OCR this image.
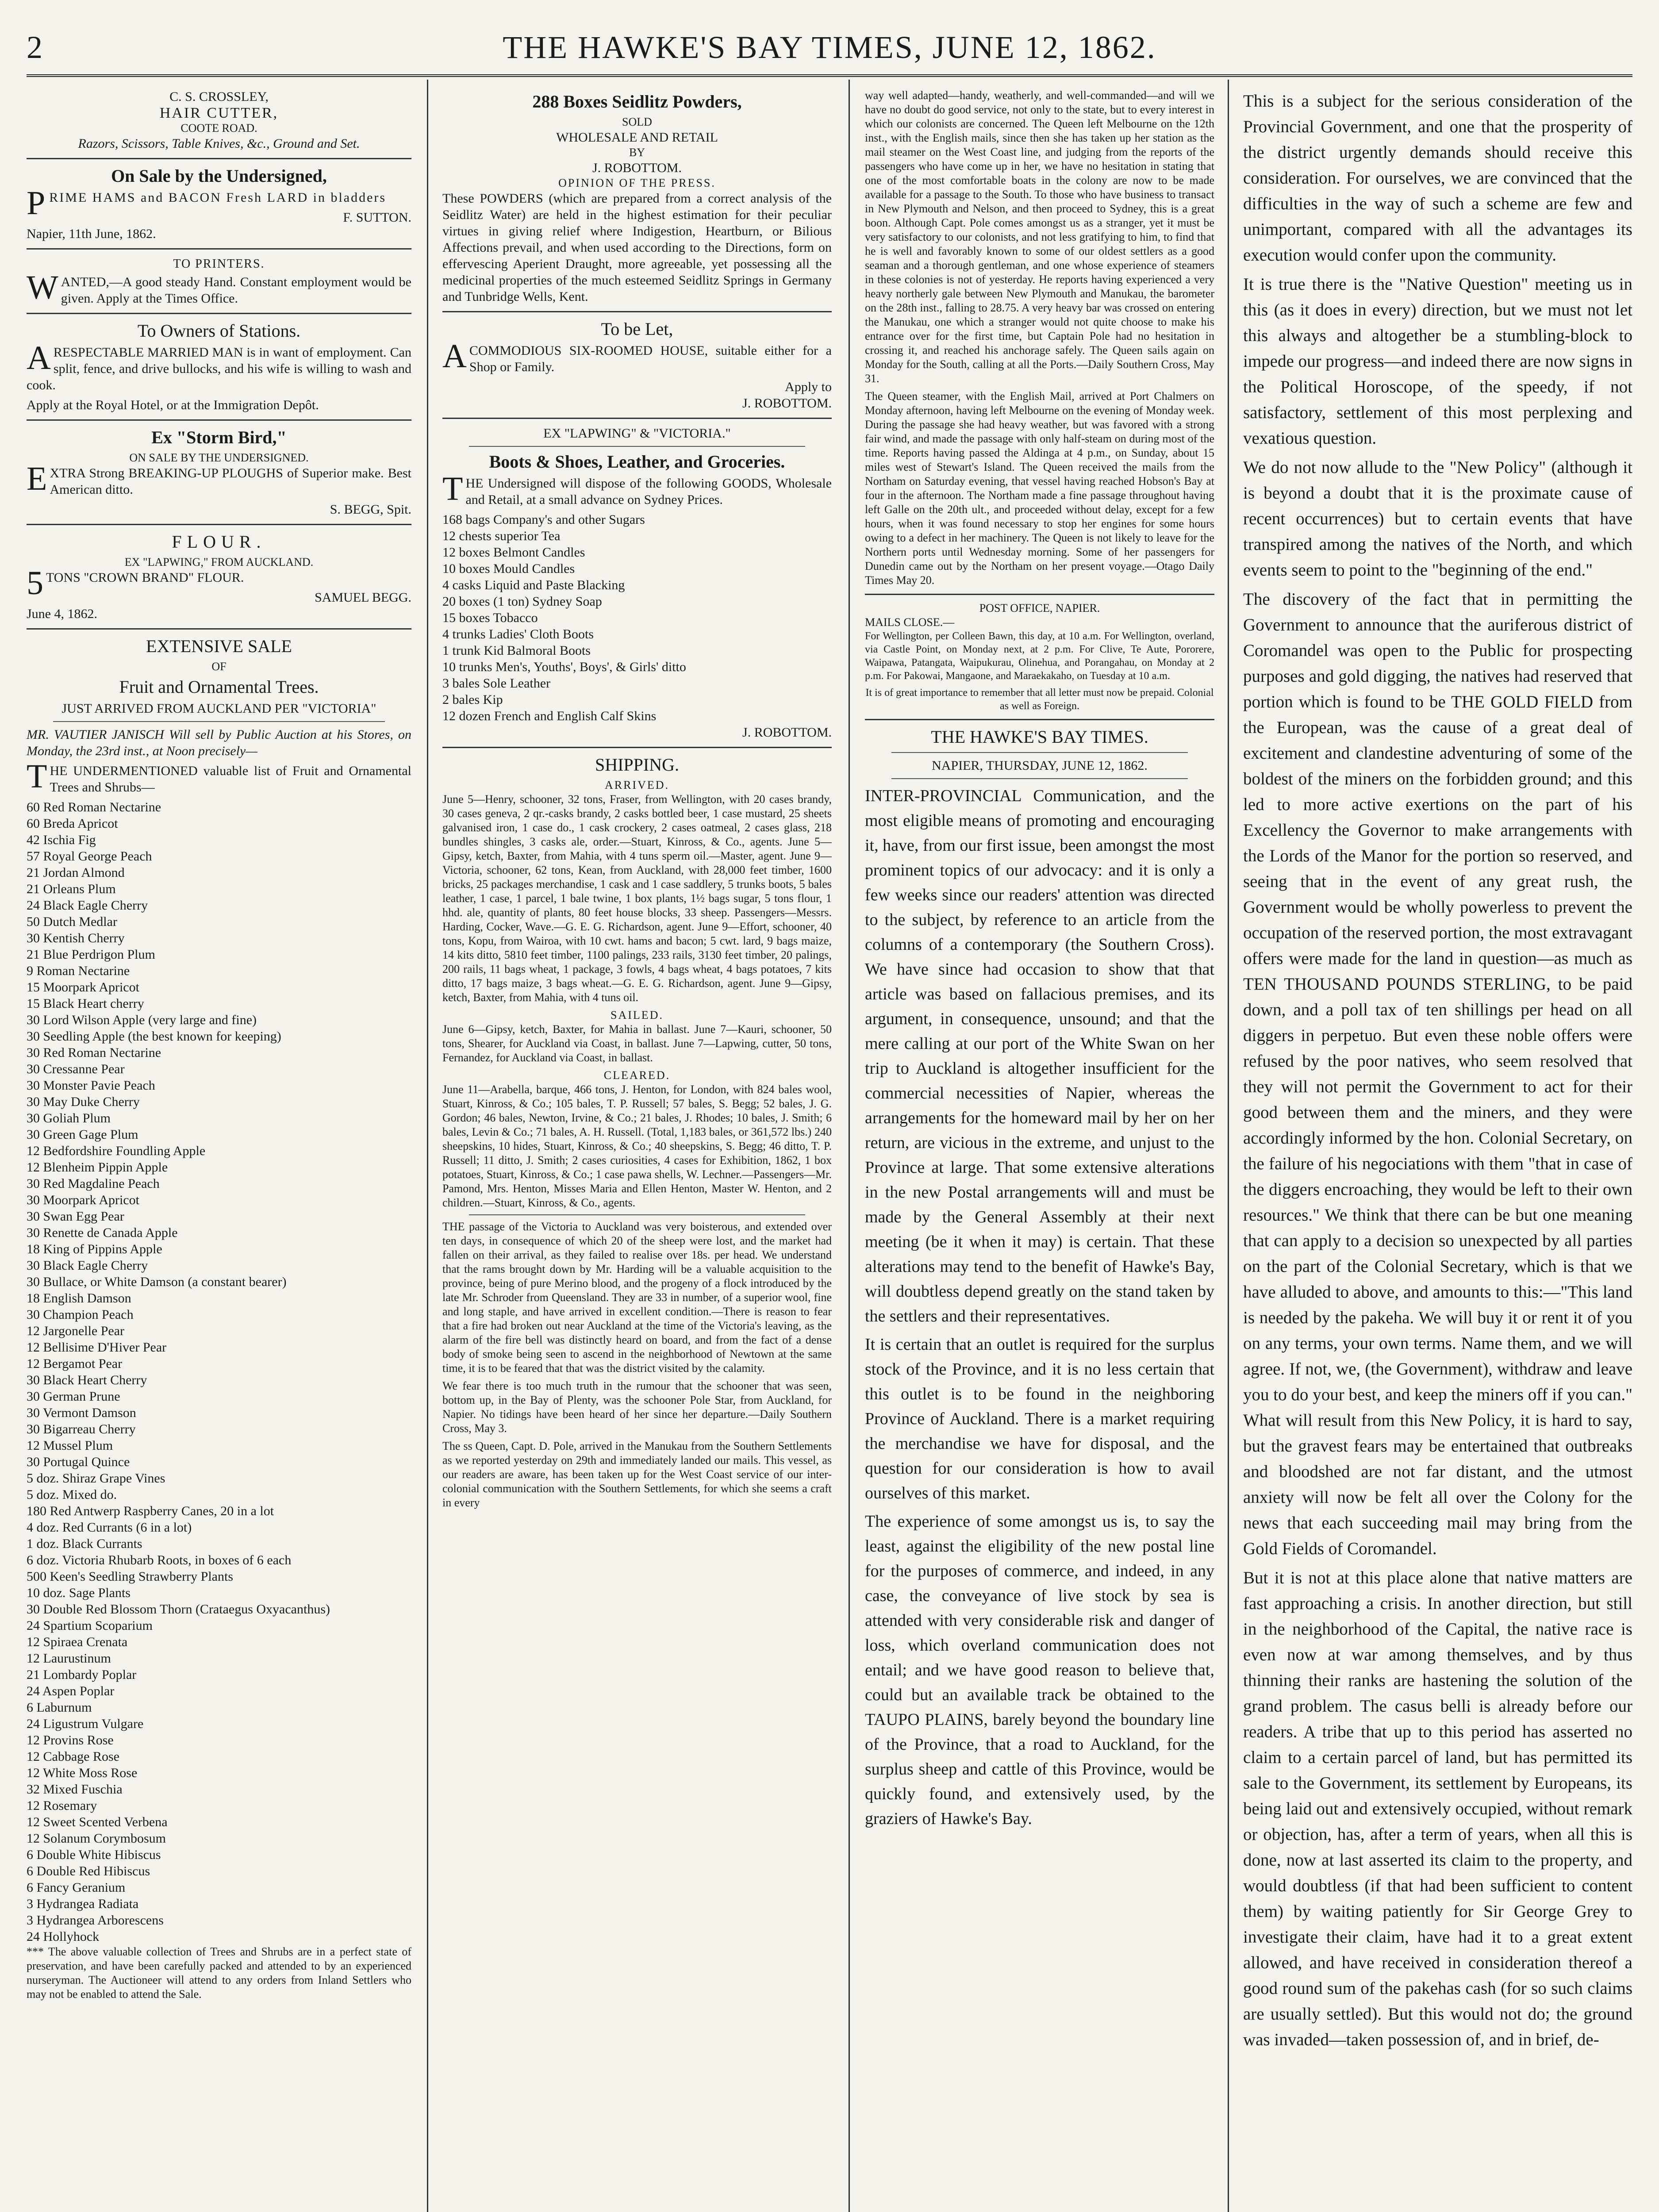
2	THE HAWKE'S BAY TIMES, JUNE 12, 1862.
C. S. CROSSLEY,
HAIR CUTTER,
COOTE ROAD.
Razors, Scissors, Table Knives, &c., Ground and Set.
On Sale by the Undersigned,

PRIME HAMS and BACON Fresh LARD in bladders

F. SUTTON.
Napier, 11th June, 1862.
TO PRINTERS.

WANTED,—A good steady Hand. Constant employment would be given. Apply at the Times Office.

To Owners of Stations.

ARESPECTABLE MARRIED MAN is in want of employment. Can split, fence, and drive bullocks, and his wife is willing to wash and cook.

Apply at the Royal Hotel, or at the Immigration Depôt.

Ex "Storm Bird,"
ON SALE BY THE UNDERSIGNED.

EXTRA Strong BREAKING-UP PLOUGHS of Superior make. Best American ditto.

S. BEGG, Spit.
FLOUR.
EX "LAPWING," FROM AUCKLAND.

5TONS "CROWN BRAND" FLOUR.

SAMUEL BEGG.
June 4, 1862.
EXTENSIVE SALE
OF
Fruit and Ornamental Trees.
JUST ARRIVED FROM AUCKLAND PER "VICTORIA"

MR. VAUTIER JANISCH Will sell by Public Auction at his Stores, on Monday, the 23rd inst., at Noon precisely—

THE UNDERMENTIONED valuable list of Fruit and Ornamental Trees and Shrubs—

60 Red Roman Nectarine
60 Breda Apricot
42 Ischia Fig
57 Royal George Peach
21 Jordan Almond
21 Orleans Plum
24 Black Eagle Cherry
50 Dutch Medlar
30 Kentish Cherry
21 Blue Perdrigon Plum
9 Roman Nectarine
15 Moorpark Apricot
15 Black Heart cherry
30 Lord Wilson Apple (very large and fine)
30 Seedling Apple (the best known for keeping)
30 Red Roman Nectarine
30 Cressanne Pear
30 Monster Pavie Peach
30 May Duke Cherry
30 Goliah Plum
30 Green Gage Plum
12 Bedfordshire Foundling Apple
12 Blenheim Pippin Apple
30 Red Magdaline Peach
30 Moorpark Apricot
30 Swan Egg Pear
30 Renette de Canada Apple
18 King of Pippins Apple
30 Black Eagle Cherry
30 Bullace, or White Damson (a constant bearer)
18 English Damson
30 Champion Peach
12 Jargonelle Pear
12 Bellisime D'Hiver Pear
12 Bergamot Pear
30 Black Heart Cherry
30 German Prune
30 Vermont Damson
30 Bigarreau Cherry
12 Mussel Plum
30 Portugal Quince
5 doz. Shiraz Grape Vines
5 doz. Mixed do.
180 Red Antwerp Raspberry Canes, 20 in a lot
4 doz. Red Currants (6 in a lot)
1 doz. Black Currants
6 doz. Victoria Rhubarb Roots, in boxes of 6 each
500 Keen's Seedling Strawberry Plants
10 doz. Sage Plants
30 Double Red Blossom Thorn (Crataegus Oxyacanthus)
24 Spartium Scoparium
12 Spiraea Crenata
12 Laurustinum
21 Lombardy Poplar
24 Aspen Poplar
6 Laburnum
24 Ligustrum Vulgare
12 Provins Rose
12 Cabbage Rose
12 White Moss Rose
32 Mixed Fuschia
12 Rosemary
12 Sweet Scented Verbena
12 Solanum Corymbosum
6 Double White Hibiscus
6 Double Red Hibiscus
6 Fancy Geranium
3 Hydrangea Radiata
3 Hydrangea Arborescens
24 Hollyhock

*** The above valuable collection of Trees and Shrubs are in a perfect state of preservation, and have been carefully packed and attended to by an experienced nurseryman. The Auctioneer will attend to any orders from Inland Settlers who may not be enabled to attend the Sale.

288 Boxes Seidlitz Powders,
SOLD
WHOLESALE AND RETAIL
BY
J. ROBOTTOM.
OPINION OF THE PRESS.

These POWDERS (which are prepared from a correct analysis of the Seidlitz Water) are held in the highest estimation for their peculiar virtues in giving relief where Indigestion, Heartburn, or Bilious Affections prevail, and when used according to the Directions, form on effervescing Aperient Draught, more agreeable, yet possessing all the medicinal properties of the much esteemed Seidlitz Springs in Germany and Tunbridge Wells, Kent.

To be Let,

ACOMMODIOUS SIX-ROOMED HOUSE, suitable either for a Shop or Family.

Apply to
J. ROBOTTOM.
EX "LAPWING" & "VICTORIA."
Boots & Shoes, Leather, and Groceries.

THE Undersigned will dispose of the following GOODS, Wholesale and Retail, at a small advance on Sydney Prices.

168 bags Company's and other Sugars
12 chests superior Tea
12 boxes Belmont Candles
10 boxes Mould Candles
4 casks Liquid and Paste Blacking
20 boxes (1 ton) Sydney Soap
15 boxes Tobacco
4 trunks Ladies' Cloth Boots
1 trunk Kid Balmoral Boots
10 trunks Men's, Youths', Boys', & Girls' ditto
3 bales Sole Leather
2 bales Kip
12 dozen French and English Calf Skins
J. ROBOTTOM.
SHIPPING.
ARRIVED.

June 5—Henry, schooner, 32 tons, Fraser, from Wellington, with 20 cases brandy, 30 cases geneva, 2 qr.-casks brandy, 2 casks bottled beer, 1 case mustard, 25 sheets galvanised iron, 1 case do., 1 cask crockery, 2 cases oatmeal, 2 cases glass, 218 bundles shingles, 3 casks ale, order.—Stuart, Kinross, & Co., agents. June 5—Gipsy, ketch, Baxter, from Mahia, with 4 tuns sperm oil.—Master, agent. June 9—Victoria, schooner, 62 tons, Kean, from Auckland, with 28,000 feet timber, 1600 bricks, 25 packages merchandise, 1 cask and 1 case saddlery, 5 trunks boots, 5 bales leather, 1 case, 1 parcel, 1 bale twine, 1 box plants, 1½ bags sugar, 5 tons flour, 1 hhd. ale, quantity of plants, 80 feet house blocks, 33 sheep. Passengers—Messrs. Harding, Cocker, Wave.—G. E. G. Richardson, agent. June 9—Effort, schooner, 40 tons, Kopu, from Wairoa, with 10 cwt. hams and bacon; 5 cwt. lard, 9 bags maize, 14 kits ditto, 5810 feet timber, 1100 palings, 233 rails, 3130 feet timber, 20 palings, 200 rails, 11 bags wheat, 1 package, 3 fowls, 4 bags wheat, 4 bags potatoes, 7 kits ditto, 17 bags maize, 3 bags wheat.—G. E. G. Richardson, agent. June 9—Gipsy, ketch, Baxter, from Mahia, with 4 tuns oil.

SAILED.

June 6—Gipsy, ketch, Baxter, for Mahia in ballast. June 7—Kauri, schooner, 50 tons, Shearer, for Auckland via Coast, in ballast. June 7—Lapwing, cutter, 50 tons, Fernandez, for Auckland via Coast, in ballast.

CLEARED.

June 11—Arabella, barque, 466 tons, J. Henton, for London, with 824 bales wool, Stuart, Kinross, & Co.; 105 bales, T. P. Russell; 57 bales, S. Begg; 52 bales, J. G. Gordon; 46 bales, Newton, Irvine, & Co.; 21 bales, J. Rhodes; 10 bales, J. Smith; 6 bales, Levin & Co.; 71 bales, A. H. Russell. (Total, 1,183 bales, or 361,572 lbs.) 240 sheepskins, 10 hides, Stuart, Kinross, & Co.; 40 sheepskins, S. Begg; 46 ditto, T. P. Russell; 11 ditto, J. Smith; 2 cases curiosities, 4 cases for Exhibition, 1862, 1 box potatoes, Stuart, Kinross, & Co.; 1 case pawa shells, W. Lechner.—Passengers—Mr. Pamond, Mrs. Henton, Misses Maria and Ellen Henton, Master W. Henton, and 2 children.—Stuart, Kinross, & Co., agents.

THE passage of the Victoria to Auckland was very boisterous, and extended over ten days, in consequence of which 20 of the sheep were lost, and the market had fallen on their arrival, as they failed to realise over 18s. per head. We understand that the rams brought down by Mr. Harding will be a valuable acquisition to the province, being of pure Merino blood, and the progeny of a flock introduced by the late Mr. Schroder from Queensland. They are 33 in number, of a superior wool, fine and long staple, and have arrived in excellent condition.—There is reason to fear that a fire had broken out near Auckland at the time of the Victoria's leaving, as the alarm of the fire bell was distinctly heard on board, and from the fact of a dense body of smoke being seen to ascend in the neighborhood of Newtown at the same time, it is to be feared that that was the district visited by the calamity.

We fear there is too much truth in the rumour that the schooner that was seen, bottom up, in the Bay of Plenty, was the schooner Pole Star, from Auckland, for Napier. No tidings have been heard of her since her departure.—Daily Southern Cross, May 3.

The ss Queen, Capt. D. Pole, arrived in the Manukau from the Southern Settlements as we reported yesterday on 29th and immediately landed our mails. This vessel, as our readers are aware, has been taken up for the West Coast service of our inter-colonial communication with the Southern Settlements, for which she seems a craft in every

way well adapted—handy, weatherly, and well-commanded—and will we have no doubt do good service, not only to the state, but to every interest in which our colonists are concerned. The Queen left Melbourne on the 12th inst., with the English mails, since then she has taken up her station as the mail steamer on the West Coast line, and judging from the reports of the passengers who have come up in her, we have no hesitation in stating that one of the most comfortable boats in the colony are now to be made available for a passage to the South. To those who have business to transact in New Plymouth and Nelson, and then proceed to Sydney, this is a great boon. Although Capt. Pole comes amongst us as a stranger, yet it must be very satisfactory to our colonists, and not less gratifying to him, to find that he is well and favorably known to some of our oldest settlers as a good seaman and a thorough gentleman, and one whose experience of steamers in these colonies is not of yesterday. He reports having experienced a very heavy northerly gale between New Plymouth and Manukau, the barometer on the 28th inst., falling to 28.75. A very heavy bar was crossed on entering the Manukau, one which a stranger would not quite choose to make his entrance over for the first time, but Captain Pole had no hesitation in crossing it, and reached his anchorage safely. The Queen sails again on Monday for the South, calling at all the Ports.—Daily Southern Cross, May 31.

The Queen steamer, with the English Mail, arrived at Port Chalmers on Monday afternoon, having left Melbourne on the evening of Monday week. During the passage she had heavy weather, but was favored with a strong fair wind, and made the passage with only half-steam on during most of the time. Reports having passed the Aldinga at 4 p.m., on Sunday, about 15 miles west of Stewart's Island. The Queen received the mails from the Northam on Saturday evening, that vessel having reached Hobson's Bay at four in the afternoon. The Northam made a fine passage throughout having left Galle on the 20th ult., and proceeded without delay, except for a few hours, when it was found necessary to stop her engines for some hours owing to a defect in her machinery. The Queen is not likely to leave for the Northern ports until Wednesday morning. Some of her passengers for Dunedin came out by the Northam on her present voyage.—Otago Daily Times May 20.

POST OFFICE, NAPIER.
MAILS CLOSE.—

For Wellington, per Colleen Bawn, this day, at 10 a.m. For Wellington, overland, via Castle Point, on Monday next, at 2 p.m. For Clive, Te Aute, Pororere, Waipawa, Patangata, Waipukurau, Olinehua, and Porangahau, on Monday at 2 p.m. For Pakowai, Mangaone, and Maraekakaho, on Tuesday at 10 a.m.

It is of great importance to remember that all letter must now be prepaid. Colonial as well as Foreign.

THE HAWKE'S BAY TIMES.
NAPIER, THURSDAY, JUNE 12, 1862.

INTER-PROVINCIAL Communication, and the most eligible means of promoting and encouraging it, have, from our first issue, been amongst the most prominent topics of our advocacy: and it is only a few weeks since our readers' attention was directed to the subject, by reference to an article from the columns of a contemporary (the Southern Cross). We have since had occasion to show that that article was based on fallacious premises, and its argument, in consequence, unsound; and that the mere calling at our port of the White Swan on her trip to Auckland is altogether insufficient for the commercial necessities of Napier, whereas the arrangements for the homeward mail by her on her return, are vicious in the extreme, and unjust to the Province at large. That some extensive alterations in the new Postal arrangements will and must be made by the General Assembly at their next meeting (be it when it may) is certain. That these alterations may tend to the benefit of Hawke's Bay, will doubtless depend greatly on the stand taken by the settlers and their representatives.

It is certain that an outlet is required for the surplus stock of the Province, and it is no less certain that this outlet is to be found in the neighboring Province of Auckland. There is a market requiring the merchandise we have for disposal, and the question for our consideration is how to avail ourselves of this market.

The experience of some amongst us is, to say the least, against the eligibility of the new postal line for the purposes of commerce, and indeed, in any case, the conveyance of live stock by sea is attended with very considerable risk and danger of loss, which overland communication does not entail; and we have good reason to believe that, could but an available track be obtained to the TAUPO PLAINS, barely beyond the boundary line of the Province, that a road to Auckland, for the surplus sheep and cattle of this Province, would be quickly found, and extensively used, by the graziers of Hawke's Bay.

This is a subject for the serious consideration of the Provincial Government, and one that the prosperity of the district urgently demands should receive this consideration. For ourselves, we are convinced that the difficulties in the way of such a scheme are few and unimportant, compared with all the advantages its execution would confer upon the community.

It is true there is the "Native Question" meeting us in this (as it does in every) direction, but we must not let this always and altogether be a stumbling-block to impede our progress—and indeed there are now signs in the Political Horoscope, of the speedy, if not satisfactory, settlement of this most perplexing and vexatious question.

We do not now allude to the "New Policy" (although it is beyond a doubt that it is the proximate cause of recent occurrences) but to certain events that have transpired among the natives of the North, and which events seem to point to the "beginning of the end."

The discovery of the fact that in permitting the Government to announce that the auriferous district of Coromandel was open to the Public for prospecting purposes and gold digging, the natives had reserved that portion which is found to be THE GOLD FIELD from the European, was the cause of a great deal of excitement and clandestine adventuring of some of the boldest of the miners on the forbidden ground; and this led to more active exertions on the part of his Excellency the Governor to make arrangements with the Lords of the Manor for the portion so reserved, and seeing that in the event of any great rush, the Government would be wholly powerless to prevent the occupation of the reserved portion, the most extravagant offers were made for the land in question—as much as TEN THOUSAND POUNDS STERLING, to be paid down, and a poll tax of ten shillings per head on all diggers in perpetuo. But even these noble offers were refused by the poor natives, who seem resolved that they will not permit the Government to act for their good between them and the miners, and they were accordingly informed by the hon. Colonial Secretary, on the failure of his negociations with them "that in case of the diggers encroaching, they would be left to their own resources." We think that there can be but one meaning that can apply to a decision so unexpected by all parties on the part of the Colonial Secretary, which is that we have alluded to above, and amounts to this:—"This land is needed by the pakeha. We will buy it or rent it of you on any terms, your own terms. Name them, and we will agree. If not, we, (the Government), withdraw and leave you to do your best, and keep the miners off if you can." What will result from this New Policy, it is hard to say, but the gravest fears may be entertained that outbreaks and bloodshed are not far distant, and the utmost anxiety will now be felt all over the Colony for the news that each succeeding mail may bring from the Gold Fields of Coromandel.

But it is not at this place alone that native matters are fast approaching a crisis. In another direction, but still in the neighborhood of the Capital, the native race is even now at war among themselves, and by thus thinning their ranks are hastening the solution of the grand problem. The casus belli is already before our readers. A tribe that up to this period has asserted no claim to a certain parcel of land, but has permitted its sale to the Government, its settlement by Europeans, its being laid out and extensively occupied, without remark or objection, has, after a term of years, when all this is done, now at last asserted its claim to the property, and would doubtless (if that had been sufficient to content them) by waiting patiently for Sir George Grey to investigate their claim, have had it to a great extent allowed, and have received in consideration thereof a good round sum of the pakehas cash (for so such claims are usually settled). But this would not do; the ground was invaded—taken possession of, and in brief, de-
